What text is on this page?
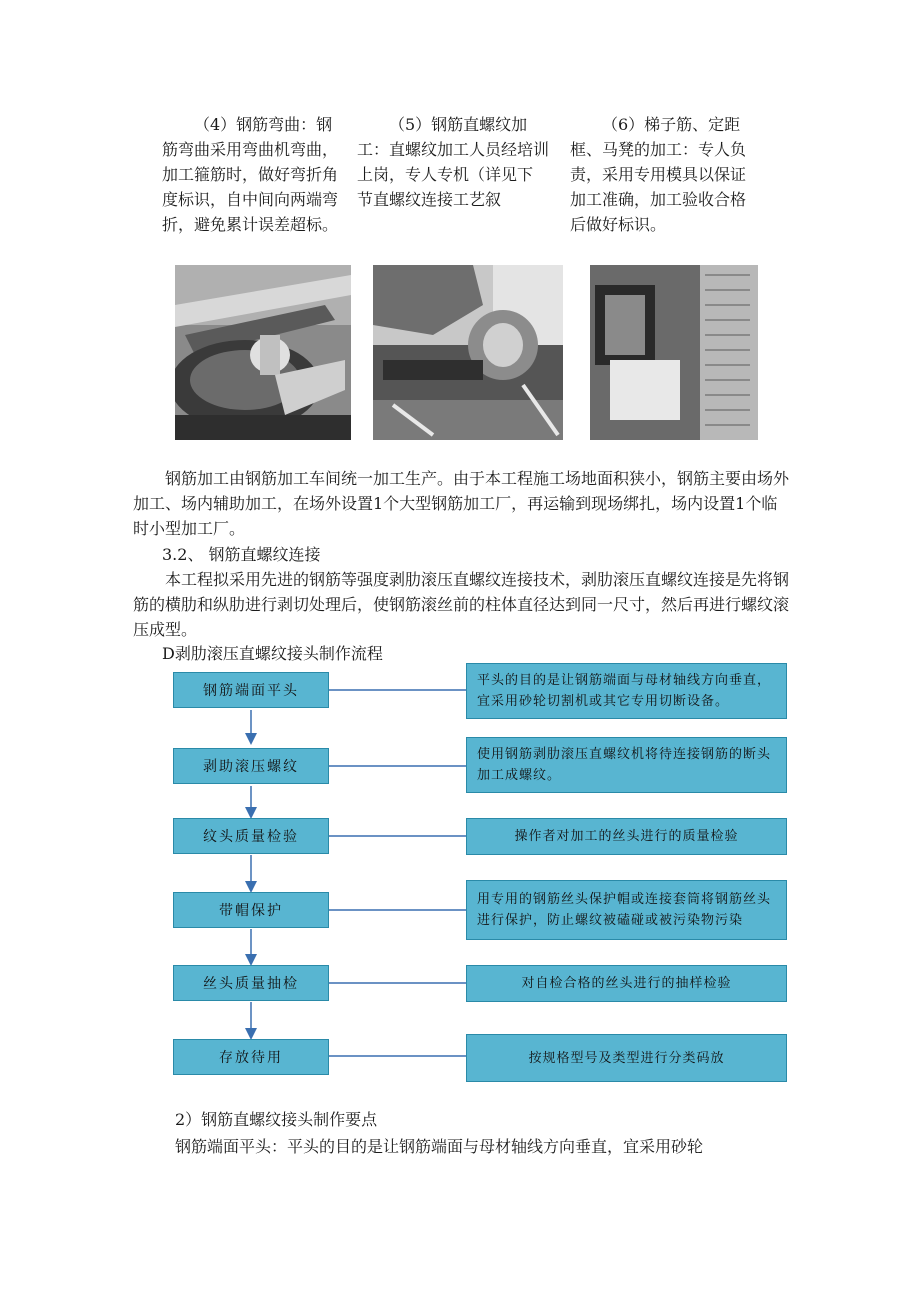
（4）钢筋弯曲：钢筋弯曲采用弯曲机弯曲，加工箍筋时，做好弯折角度标识，自中间向两端弯折，避免累计误差超标。

（5）钢筋直螺纹加工：直螺纹加工人员经培训 上岗，专人专机（详见下 节直螺纹连接工艺叙

（6）梯子筋、定距框、马凳的加工：专人负责，采用专用模具以保证加工准确，加工验收合格后做好标识。

钢筋加工由钢筋加工车间统一加工生产。由于本工程施工场地面积狭小，钢筋主要由场外加工、场内辅助加工，在场外设置1个大型钢筋加工厂，再运输到现场绑扎，场内设置1个临时小型加工厂。

3.2、 钢筋直螺纹连接

本工程拟采用先进的钢筋等强度剥肋滚压直螺纹连接技术，剥肋滚压直螺纹连接是先将钢筋的横肋和纵肋进行剥切处理后，使钢筋滚丝前的柱体直径达到同一尺寸，然后再进行螺纹滚压成型。

D剥肋滚压直螺纹接头制作流程

钢筋端面平头
剥助滚压螺纹
纹头质量检验
带帽保护
丝头质量抽检
存放待用
平头的目的是让钢筋端面与母材轴线方向垂直，宜采用砂轮切割机或其它专用切断设备。
使用钢筋剥肋滚压直螺纹机将待连接钢筋的断头加工成螺纹。
操作者对加工的丝头进行的质量检验
用专用的钢筋丝头保护帽或连接套筒将钢筋丝头进行保护，防止螺纹被磕碰或被污染物污染
对自检合格的丝头进行的抽样检验
按规格型号及类型进行分类码放

2）钢筋直螺纹接头制作要点

钢筋端面平头：平头的目的是让钢筋端面与母材轴线方向垂直，宜采用砂轮
